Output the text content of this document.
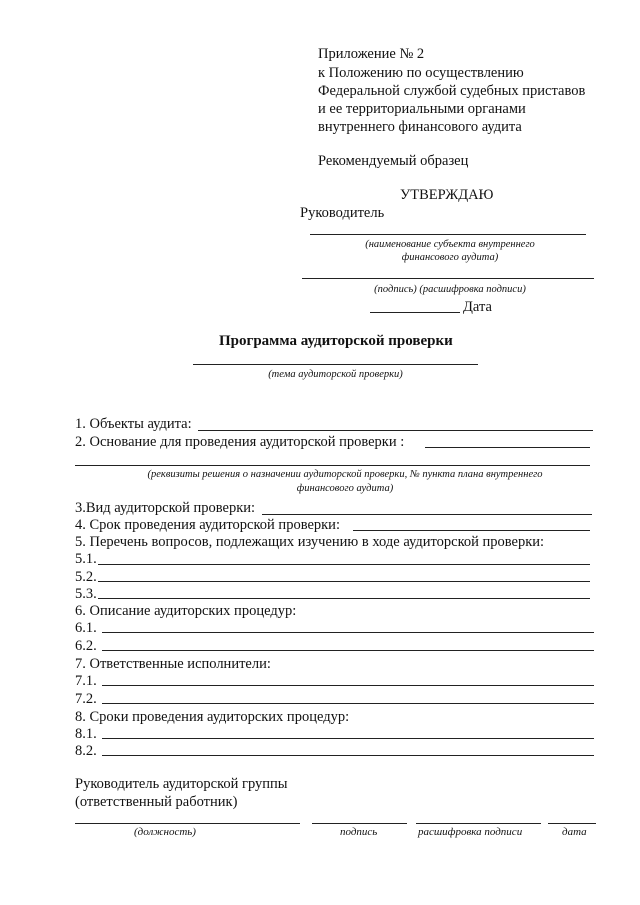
Приложение № 2
к Положению по осуществлению
Федеральной службой судебных приставов
и ее территориальными органами
внутреннего финансового аудита
Рекомендуемый образец
УТВЕРЖДАЮ
Руководитель
(наименование субъекта внутреннего
финансового аудита)
(подпись) (расшифровка подписи)
Дата
Программа аудиторской проверки
(тема аудиторской проверки)
1. Объекты аудита:
2. Основание для проведения аудиторской проверки :
(реквизиты решения о назначении аудиторской проверки, № пункта плана внутреннего
финансового аудита)
3.Вид аудиторской проверки:
4. Срок проведения аудиторской проверки:
5. Перечень вопросов, подлежащих изучению в ходе аудиторской проверки:
5.1.
5.2.
5.3.
6. Описание аудиторских процедур:
6.1.
6.2.
7. Ответственные исполнители:
7.1.
7.2.
8. Сроки проведения аудиторских процедур:
8.1.
8.2.
Руководитель аудиторской группы
(ответственный работник)
(должность)	подпись	расшифровка подписи	дата
